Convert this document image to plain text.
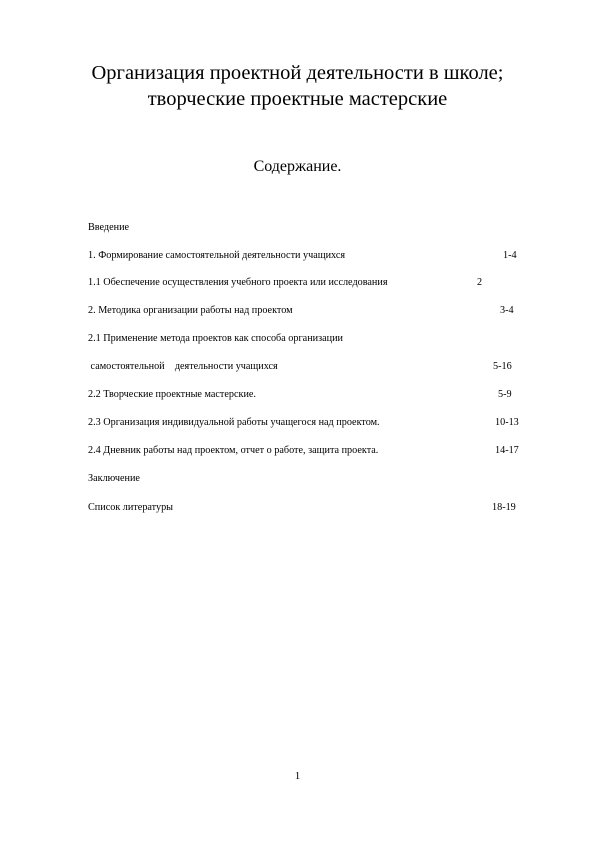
Организация проектной деятельности в школе;
творческие проектные мастерские
Содержание.
Введение
1. Формирование самостоятельной деятельности учащихся	1-4
1.1 Обеспечение осуществления учебного проекта или исследования	2
2. Методика организации работы над проектом	3-4
2.1 Применение метода проектов как способа организации
самостоятельной    деятельности учащихся	5-16
2.2 Творческие проектные мастерские.	5-9
2.3 Организация индивидуальной работы учащегося над проектом.	10-13
2.4 Дневник работы над проектом, отчет о работе, защита проекта.	14-17
Заключение
Список литературы	18-19
1
